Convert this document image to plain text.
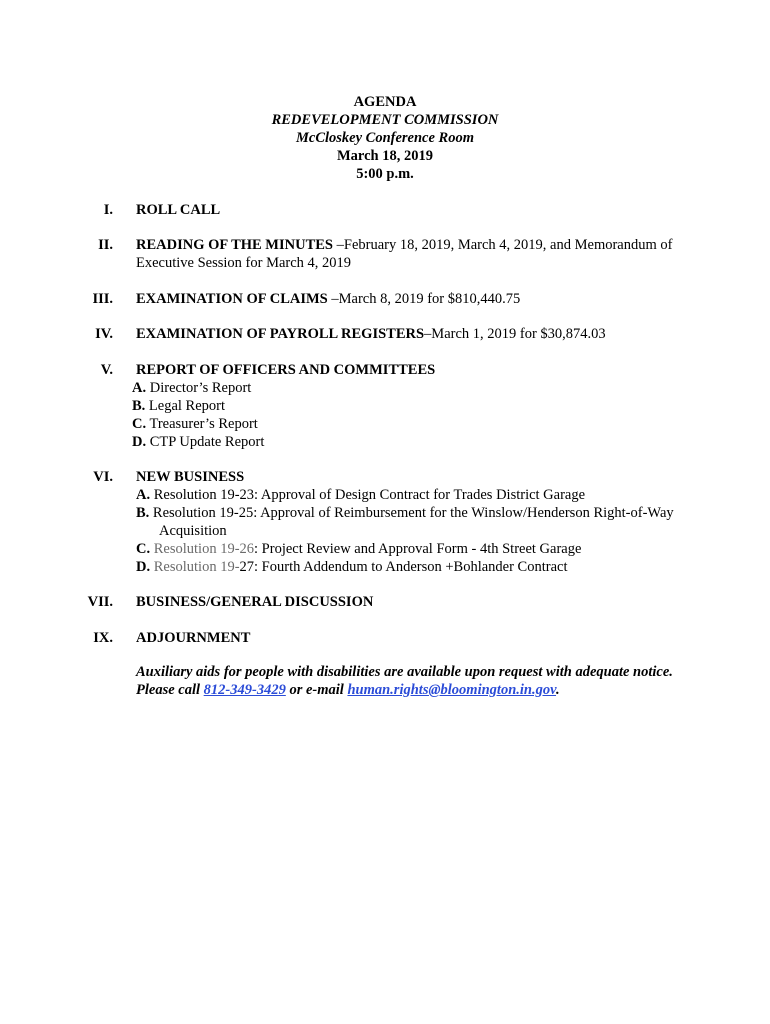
AGENDA
REDEVELOPMENT COMMISSION
McCloskey Conference Room
March 18, 2019
5:00 p.m.
I. ROLL CALL
II. READING OF THE MINUTES –February 18, 2019, March 4, 2019, and Memorandum of Executive Session for March 4, 2019
III. EXAMINATION OF CLAIMS –March 8, 2019 for $810,440.75
IV. EXAMINATION OF PAYROLL REGISTERS–March 1, 2019 for $30,874.03
V. REPORT OF OFFICERS AND COMMITTEES
A. Director’s Report
B. Legal Report
C. Treasurer’s Report
D. CTP Update Report
VI. NEW BUSINESS
A. Resolution 19-23: Approval of Design Contract for Trades District Garage
B. Resolution 19-25: Approval of Reimbursement for the Winslow/Henderson Right-of-Way Acquisition
C. Resolution 19-26: Project Review and Approval Form - 4th Street Garage
D. Resolution 19-27: Fourth Addendum to Anderson +Bohlander Contract
VII. BUSINESS/GENERAL DISCUSSION
IX. ADJOURNMENT
Auxiliary aids for people with disabilities are available upon request with adequate notice. Please call 812-349-3429 or e-mail human.rights@bloomington.in.gov.
